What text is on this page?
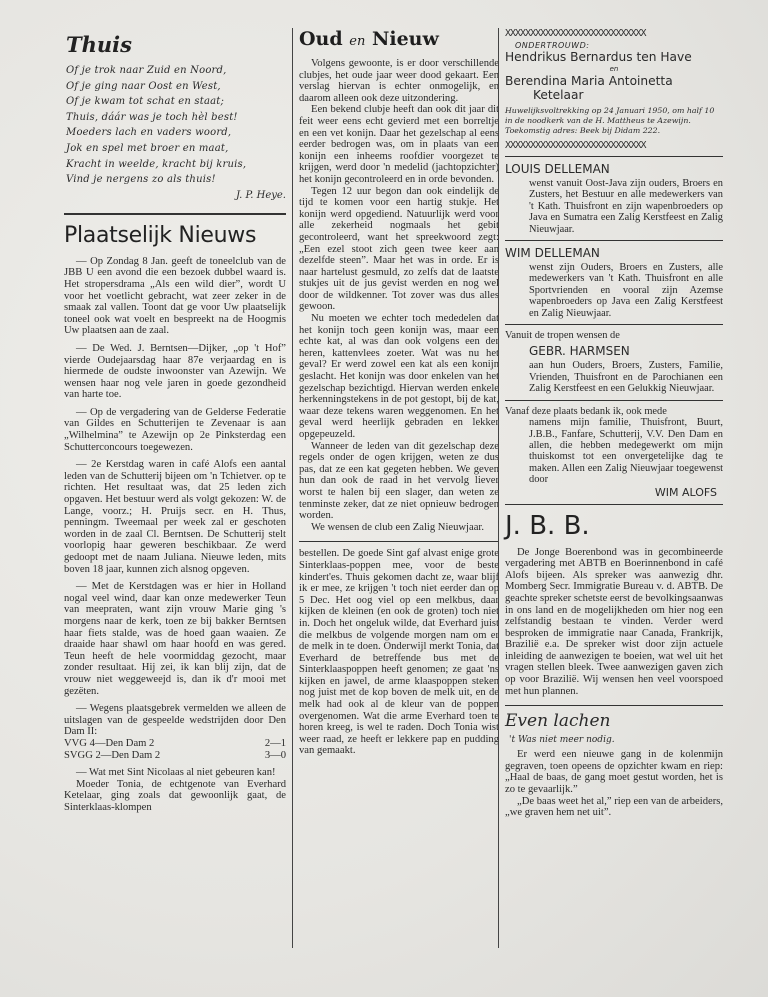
Thuis
Of je trok naar Zuid en Noord,
Of je ging naar Oost en West,
Of je kwam tot schat en staat;
Thuis, dáár was je toch hèl best!
Moeders lach en vaders woord,
Jok en spel met broer en maat,
Kracht in weelde, kracht bij kruis,
Vind je nergens zo als thuis!
J. P. Heye.
Plaatselijk Nieuws

— Op Zondag 8 Jan. geeft de toneelclub van de JBB U een avond die een bezoek dubbel waard is. Het stropersdrama „Als een wild dier”, wordt U voor het voetlicht gebracht, wat zeer zeker in de smaak zal vallen. Toont dat ge voor Uw plaatselijk toneel ook wat voelt en bespreekt na de Hoogmis Uw plaatsen aan de zaal.

— De Wed. J. Berntsen—Dijker, „op 't Hof” vierde Oudejaarsdag haar 87e verjaardag en is hiermede de oudste inwoonster van Azewijn. We wensen haar nog vele jaren in goede gezondheid van harte toe.

— Op de vergadering van de Gelderse Federatie van Gildes en Schutterijen te Zevenaar is aan „Wilhelmina” te Azewijn op 2e Pinksterdag een Schutterconcours toegewezen.

— 2e Kerstdag waren in café Alofs een aantal leden van de Schutterij bijeen om 'n Tchietver. op te richten. Het resultaat was, dat 25 leden zich opgaven. Het bestuur werd als volgt gekozen: W. de Lange, voorz.; H. Pruijs secr. en H. Thus, penningm. Tweemaal per week zal er geschoten worden in de zaal Cl. Berntsen. De Schutterij stelt voorlopig haar geweren beschikbaar. Ze werd gedoopt met de naam Juliana. Nieuwe leden, mits boven 18 jaar, kunnen zich alsnog opgeven.

— Met de Kerstdagen was er hier in Holland nogal veel wind, daar kan onze medewerker Teun van meepraten, want zijn vrouw Marie ging 's morgens naar de kerk, toen ze bij bakker Berntsen haar fiets stalde, was de hoed gaan waaien. Ze draaide haar shawl om haar hoofd en was gered. Teun heeft de hele voormiddag gezocht, maar zonder resultaat. Hij zei, ik kan blij zijn, dat de vrouw niet weggeweejd is, dan ik d'r mooi met gezëten.

— Wegens plaatsgebrek vermelden we alleen de uitslagen van de gespeelde wedstrijden door Den Dam II:

VVG 4—Den Dam 2	2—1
SVGG 2—Den Dam 2	3—0

— Wat met Sint Nicolaas al niet gebeuren kan!

Moeder Tonia, de echtgenote van Everhard Ketelaar, ging zoals dat gewoonlijk gaat, de Sinterklaas-klompen

Oud en Nieuw

Volgens gewoonte, is er door verschillende clubjes, het oude jaar weer dood gekaart. Een verslag hiervan is echter onmogelijk, en daarom alleen ook deze uitzondering.

Een bekend clubje heeft dan ook dit jaar dit feit weer eens echt gevierd met een borreltje en een vet konijn. Daar het gezelschap al eens eerder bedrogen was, om in plaats van een konijn een inheems roofdier voorgezet te krijgen, werd door 'n medelid (jachtopzichter) het konijn gecontroleerd en in orde bevonden.

Tegen 12 uur begon dan ook eindelijk de tijd te komen voor een hartig stukje. Het konijn werd opgediend. Natuurlijk werd voor alle zekerheid nogmaals het gebit gecontroleerd, want het spreekwoord zegt: „Een ezel stoot zich geen twee keer aan dezelfde steen”. Maar het was in orde. Er is naar hartelust gesmuld, zo zelfs dat de laatste stukjes uit de jus gevist werden en nog wel door de wildkenner. Tot zover was dus alles gewoon.

Nu moeten we echter toch mededelen dat het konijn toch geen konijn was, maar een echte kat, al was dan ook volgens een der heren, kattenvlees zoeter. Wat was nu het geval? Er werd zowel een kat als een konijn geslacht. Het konijn was door enkelen van het gezelschap bezichtigd. Hiervan werden enkele herkenningstekens in de pot gestopt, bij de kat, waar deze tekens waren weggenomen. En het geval werd heerlijk gebraden en lekker opgepeuzeld.

Wanneer de leden van dit gezelschap deze regels onder de ogen krijgen, weten ze dus pas, dat ze een kat gegeten hebben. We geven hun dan ook de raad in het vervolg liever worst te halen bij een slager, dan weten ze tenminste zeker, dat ze niet opnieuw bedrogen worden.

We wensen de club een Zalig Nieuwjaar.

bestellen. De goede Sint gaf alvast enige grote Sinterklaas-poppen mee, voor de beste kindert'es. Thuis gekomen dacht ze, waar blijf ik er mee, ze krijgen 't toch niet eerder dan op 5 Dec. Het oog viel op een melkbus, daar kijken de kleinen (en ook de groten) toch niet in. Doch het ongeluk wilde, dat Everhard juist die melkbus de volgende morgen nam om er de melk in te doen. Onderwijl merkt Tonia, dat Everhard de betreffende bus met de Sinterklaaspoppen heeft genomen; ze gaat 'ns kijken en jawel, de arme klaaspoppen steken nog juist met de kop boven de melk uit, en de melk had ook al de kleur van de poppen overgenomen. Wat die arme Everhard toen te horen kreeg, is wel te raden. Doch Tonia wist weer raad, ze heeft er lekkere pap en pudding van gemaakt.

XXXXXXXXXXXXXXXXXXXXXXXXXXXX
ONDERTROUWD:
Hendrikus Bernardus ten Have
en
Berendina Maria Antoinetta
Ketelaar
Huwelijksvoltrekking op 24 Januari 1950, om half 10 in de noodkerk van de H. Mattheus te Azewijn. Toekomstig adres: Beek bij Didam 222.
XXXXXXXXXXXXXXXXXXXXXXXXXXXX
LOUIS DELLEMAN
wenst vanuit Oost-Java zijn ouders, Broers en Zusters, het Bestuur en alle medewerkers van 't Kath. Thuisfront en zijn wapenbroeders op Java en Sumatra een Zalig Kerstfeest en Zalig Nieuwjaar.
WIM DELLEMAN
wenst zijn Ouders, Broers en Zusters, alle medewerkers van 't Kath. Thuisfront en alle Sportvrienden en vooral zijn Azemse wapenbroeders op Java een Zalig Kerstfeest en Zalig Nieuwjaar.
Vanuit de tropen wensen de
GEBR. HARMSEN
aan hun Ouders, Broers, Zusters, Familie, Vrienden, Thuisfront en de Parochianen een Zalig Kerstfeest en een Gelukkig Nieuwjaar.
Vanaf deze plaats bedank ik, ook mede
namens mijn familie, Thuisfront, Buurt, J.B.B., Fanfare, Schutterij, V.V. Den Dam en allen, die hebben medegewerkt om mijn thuiskomst tot een onvergetelijke dag te maken. Allen een Zalig Nieuwjaar toegewenst door
WIM ALOFS
J. B. B.

De Jonge Boerenbond was in gecombineerde vergadering met ABTB en Boerinnenbond in café Alofs bijeen. Als spreker was aanwezig dhr. Momberg Secr. Immigratie Bureau v. d. ABTB. De geachte spreker schetste eerst de bevolkingsaanwas in ons land en de mogelijkheden om hier nog een zelfstandig bestaan te vinden. Verder werd besproken de immigratie naar Canada, Frankrijk, Brazilië e.a. De spreker wist door zijn actuele inleiding de aanwezigen te boeien, wat wel uit het vragen stellen bleek. Twee aanwezigen gaven zich op voor Brazilië. Wij wensen hen veel voorspoed met hun plannen.

Even lachen
't Was niet meer nodig.

Er werd een nieuwe gang in de kolenmijn gegraven, toen opeens de opzichter kwam en riep: „Haal de baas, de gang moet gestut worden, het is zo te gevaarlijk.”

„De baas weet het al,” riep een van de arbeiders, „we graven hem net uit”.
